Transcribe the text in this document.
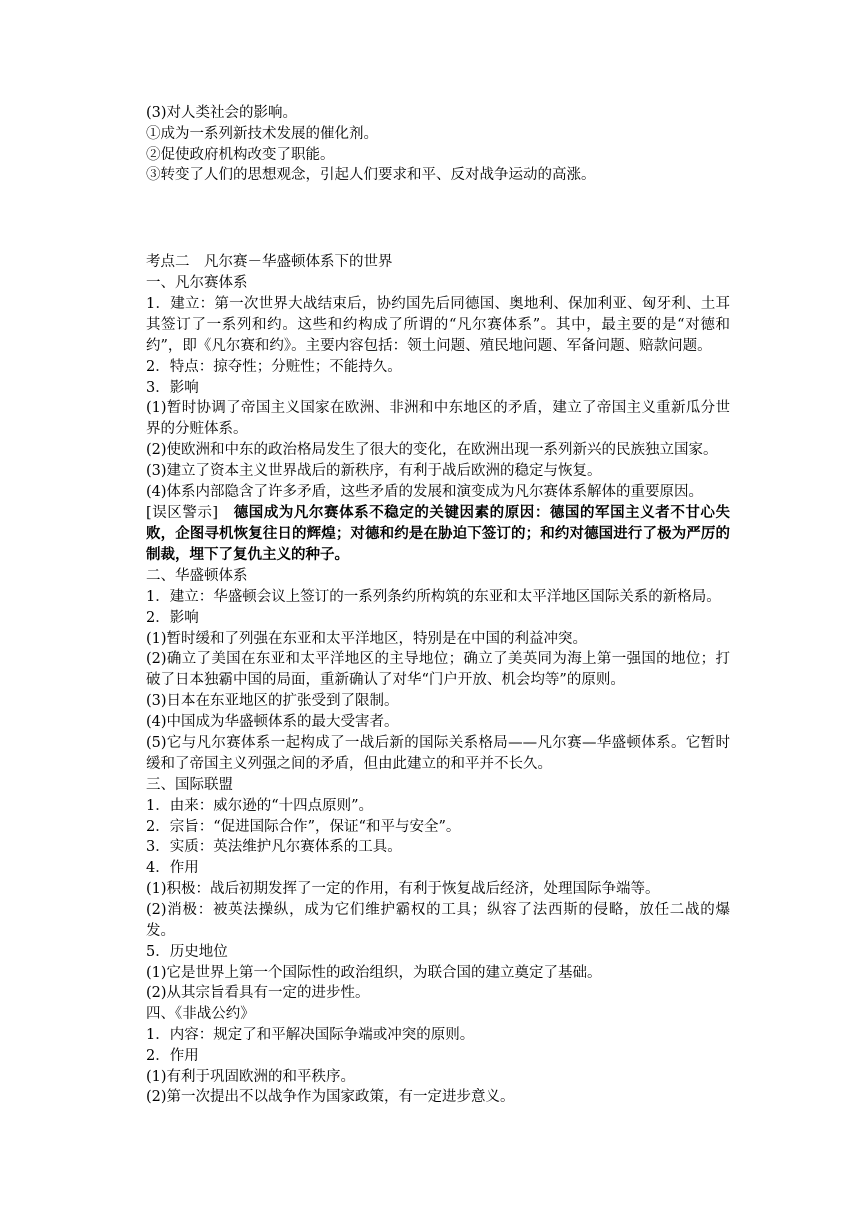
(3)对人类社会的影响。

①成为一系列新技术发展的催化剂。

②促使政府机构改变了职能。

③转变了人们的思想观念，引起人们要求和平、反对战争运动的高涨。

考点二　凡尔赛－华盛顿体系下的世界

一、凡尔赛体系

1．建立：第一次世界大战结束后，协约国先后同德国、奥地利、保加利亚、匈牙利、土耳其签订了一系列和约。这些和约构成了所谓的“凡尔赛体系”。其中，最主要的是“对德和约”，即《凡尔赛和约》。主要内容包括：领土问题、殖民地问题、军备问题、赔款问题。

2．特点：掠夺性；分赃性；不能持久。

3．影响

(1)暂时协调了帝国主义国家在欧洲、非洲和中东地区的矛盾，建立了帝国主义重新瓜分世界的分赃体系。

(2)使欧洲和中东的政治格局发生了很大的变化，在欧洲出现一系列新兴的民族独立国家。

(3)建立了资本主义世界战后的新秩序，有利于战后欧洲的稳定与恢复。

(4)体系内部隐含了许多矛盾，这些矛盾的发展和演变成为凡尔赛体系解体的重要原因。

[误区警示]　德国成为凡尔赛体系不稳定的关键因素的原因：德国的军国主义者不甘心失败，企图寻机恢复往日的辉煌；对德和约是在胁迫下签订的；和约对德国进行了极为严厉的制裁，埋下了复仇主义的种子。

二、华盛顿体系

1．建立：华盛顿会议上签订的一系列条约所构筑的东亚和太平洋地区国际关系的新格局。

2．影响

(1)暂时缓和了列强在东亚和太平洋地区，特别是在中国的利益冲突。

(2)确立了美国在东亚和太平洋地区的主导地位；确立了美英同为海上第一强国的地位；打破了日本独霸中国的局面，重新确认了对华“门户开放、机会均等”的原则。

(3)日本在东亚地区的扩张受到了限制。

(4)中国成为华盛顿体系的最大受害者。

(5)它与凡尔赛体系一起构成了一战后新的国际关系格局——凡尔赛—华盛顿体系。它暂时缓和了帝国主义列强之间的矛盾，但由此建立的和平并不长久。

三、国际联盟

1．由来：威尔逊的“十四点原则”。

2．宗旨：“促进国际合作”，保证“和平与安全”。

3．实质：英法维护凡尔赛体系的工具。

4．作用

(1)积极：战后初期发挥了一定的作用，有利于恢复战后经济，处理国际争端等。

(2)消极：被英法操纵，成为它们维护霸权的工具；纵容了法西斯的侵略，放任二战的爆发。

5．历史地位

(1)它是世界上第一个国际性的政治组织，为联合国的建立奠定了基础。

(2)从其宗旨看具有一定的进步性。

四、《非战公约》

1．内容：规定了和平解决国际争端或冲突的原则。

2．作用

(1)有利于巩固欧洲的和平秩序。

(2)第一次提出不以战争作为国家政策，有一定进步意义。
